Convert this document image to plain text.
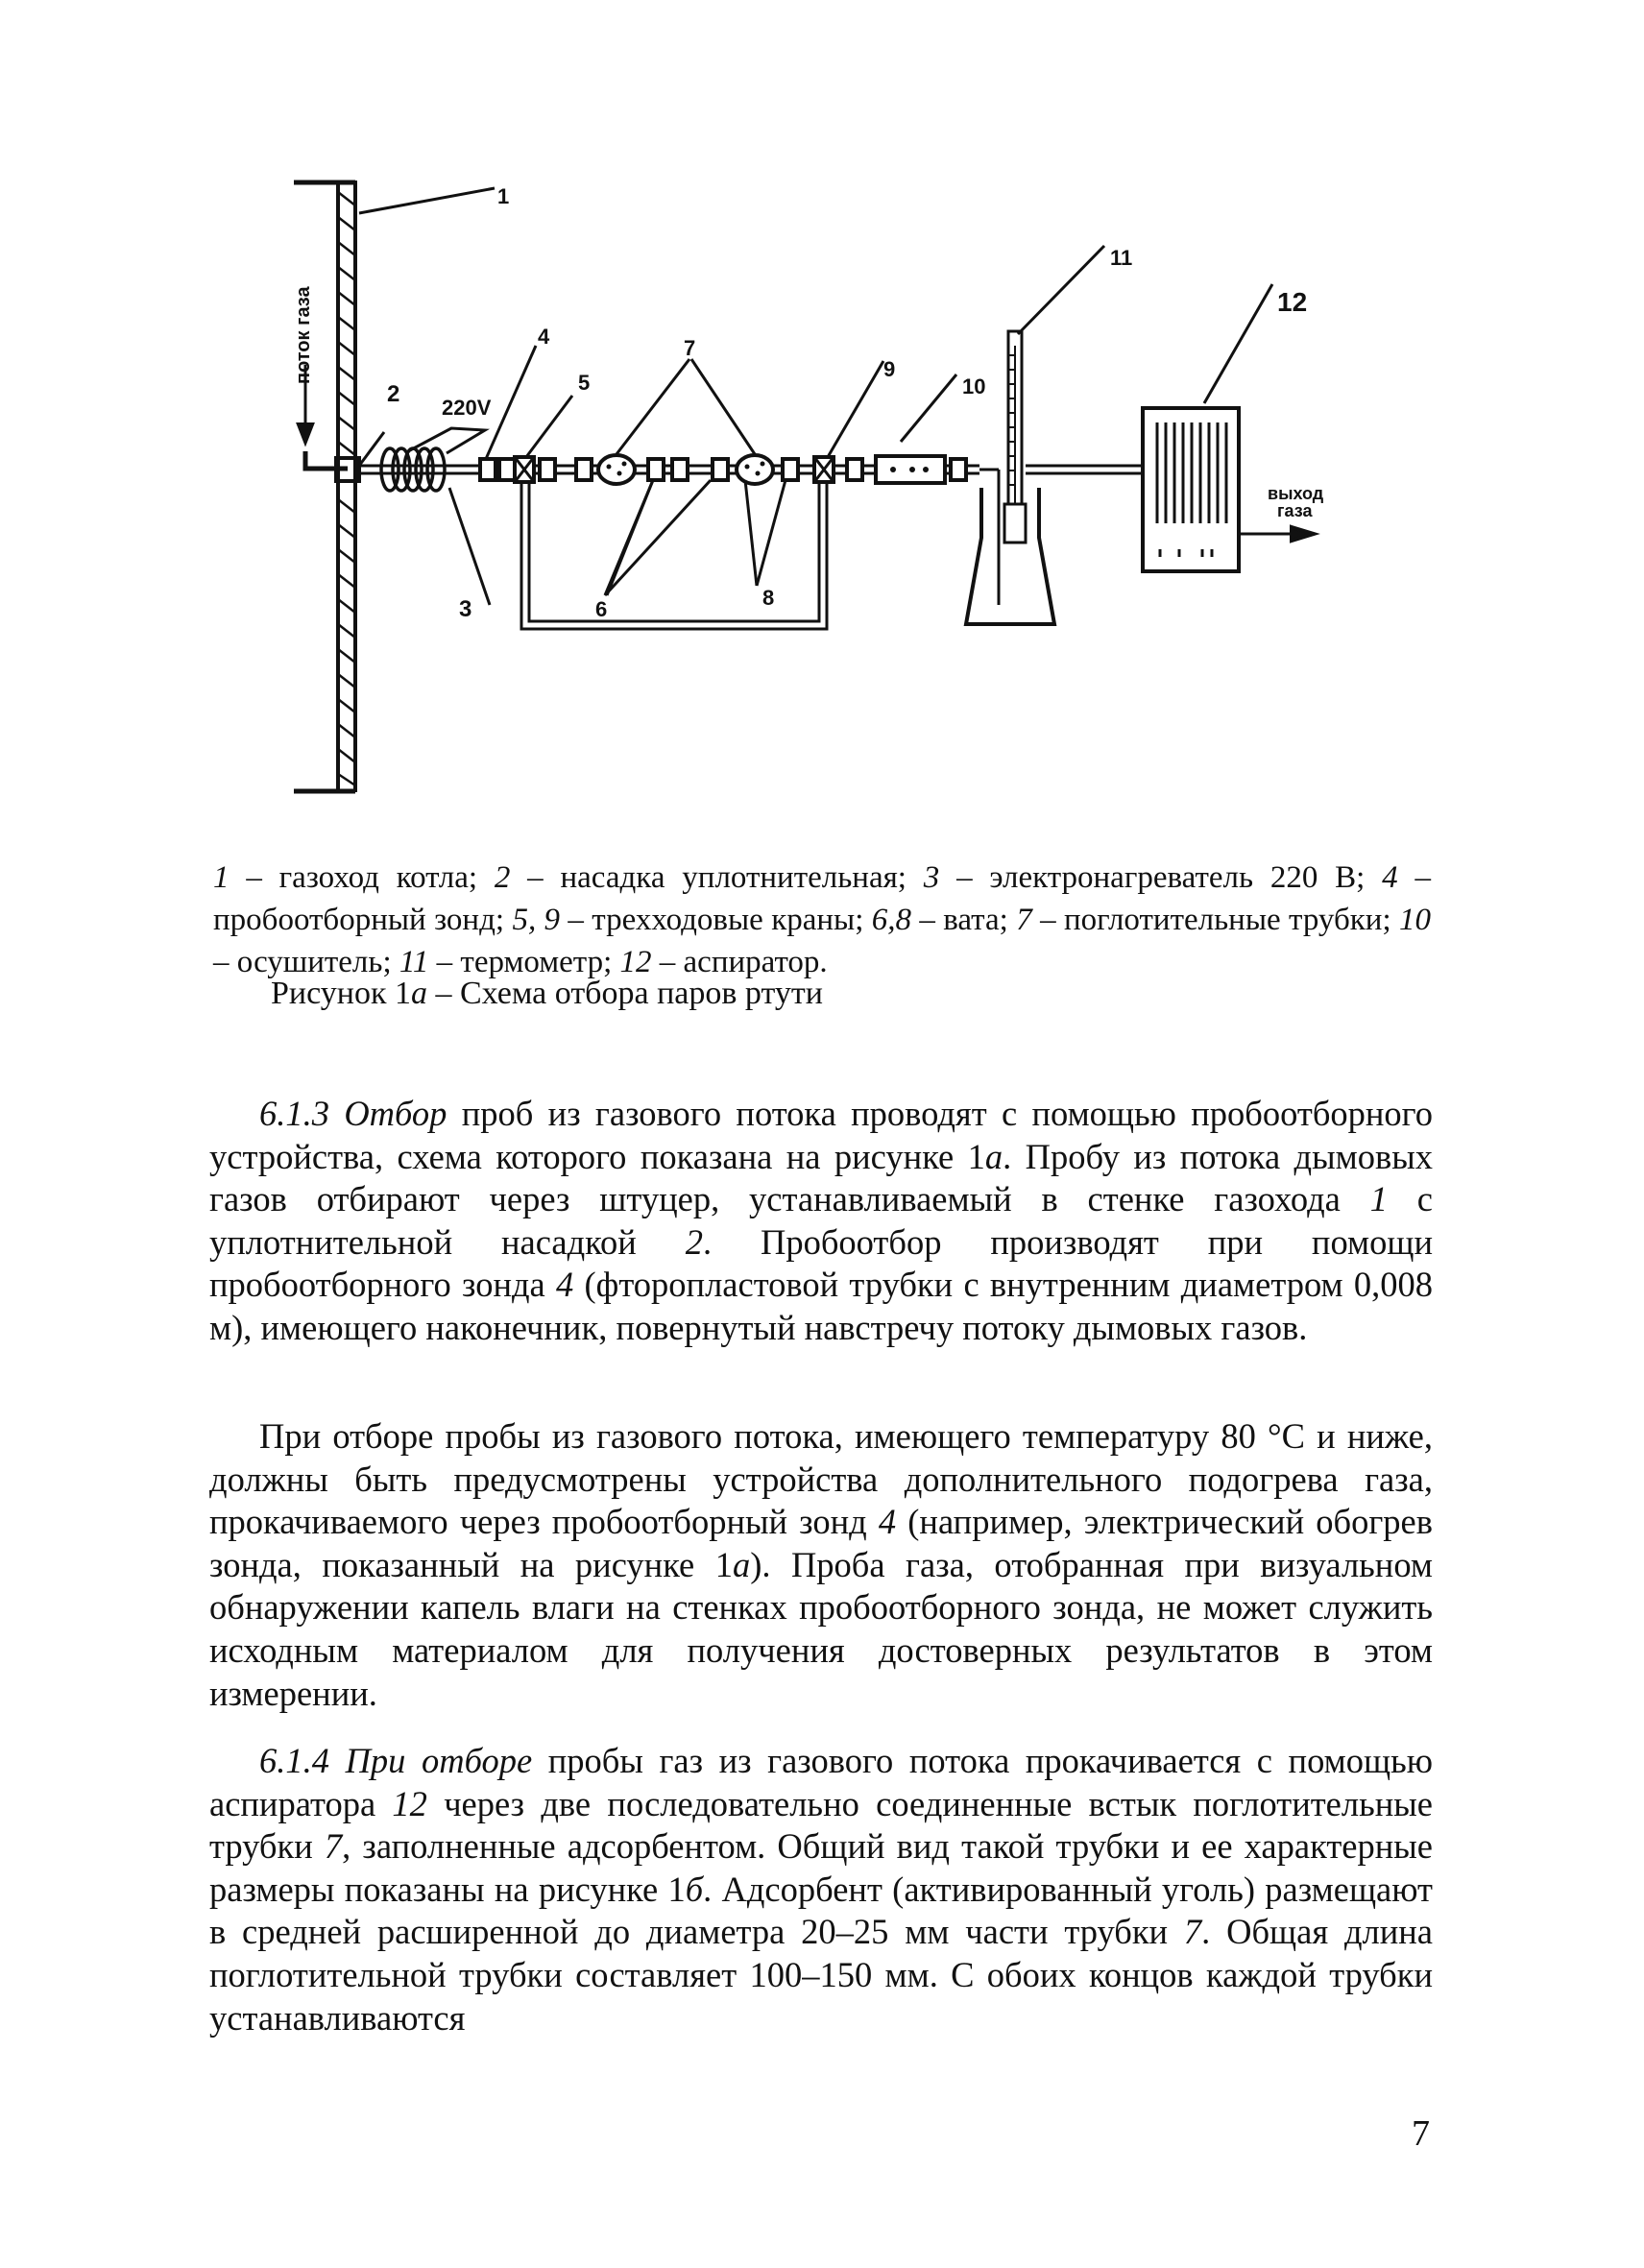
поток газа
220V
выход
газа
1
2
3
4
5
6
7
8
9
10
11
12
1 – газоход котла; 2 – насадка уплотнительная; 3 – электронагреватель 220 В; 4 – пробоотборный зонд; 5, 9 – трехходовые краны; 6,8 – вата; 7 – поглотительные трубки; 10 – осушитель; 11 – термометр; 12 – аспиратор.
Рисунок 1а – Схема отбора паров ртути

6.1.3 Отбор проб из газового потока проводят с помощью пробоотборного устройства, схема которого показана на рисунке 1а. Пробу из потока дымовых газов отбирают через штуцер, устанавливаемый в стенке газохода 1 с уплотнительной насадкой 2. Пробоотбор производят при помощи пробоотборного зонда 4 (фторопластовой трубки с внутренним диаметром 0,008 м), имеющего наконечник, повернутый навстречу потоку дымовых газов.

При отборе пробы из газового потока, имеющего температуру 80 °С и ниже, должны быть предусмотрены устройства дополнительного подогрева газа, прокачиваемого через пробоотборный зонд 4 (например, электрический обогрев зонда, показанный на рисунке 1а). Проба газа, отобранная при визуальном обнаружении капель влаги на стенках пробоотборного зонда, не может служить исходным материалом для получения достоверных результатов в этом измерении.

6.1.4 При отборе пробы газ из газового потока прокачивается с помощью аспиратора 12 через две последовательно соединенные встык поглотительные трубки 7, заполненные адсорбентом. Общий вид такой трубки и ее характерные размеры показаны на рисунке 1б. Адсорбент (активированный уголь) размещают в средней расширенной до диаметра 20–25 мм части трубки 7. Общая длина поглотительной трубки составляет 100–150 мм. С обоих концов каждой трубки устанавливаются

7
